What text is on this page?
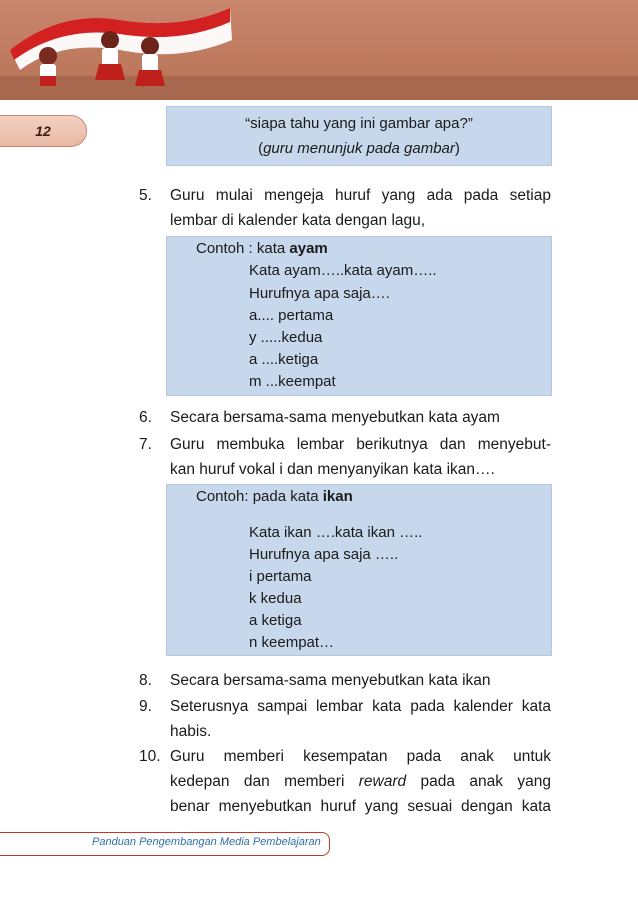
12	“siapa tahu yang ini gambar apa?”
(guru menunjuk pada gambar)
5. Guru mulai mengeja huruf yang ada pada setiap
lembar di kalender kata dengan lagu,
Contoh : kata ayam
Kata ayam…..kata ayam…..
Hurufnya apa saja….
a.... pertama
y .....kedua
a ....ketiga
m ...keempat
6. Secara bersama-sama menyebutkan kata ayam
7. Guru membuka lembar berikutnya dan menyebut-
kan huruf vokal i dan menyanyikan kata ikan….
Contoh: pada kata ikan
Kata ikan ….kata ikan …..
Hurufnya apa saja …..
i pertama
k kedua
a ketiga
n keempat…
8. Secara bersama-sama menyebutkan kata ikan
9. Seterusnya sampai lembar kata pada kalender kata
habis.
10. Guru memberi kesempatan pada anak untuk
kedepan dan memberi reward pada anak yang
benar menyebutkan huruf yang sesuai dengan kata
Panduan Pengembangan Media Pembelajaran
